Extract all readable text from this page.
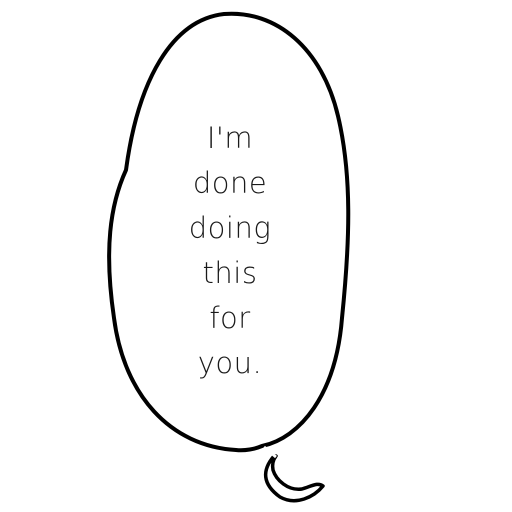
I'm
done
doing
this
for
you.
